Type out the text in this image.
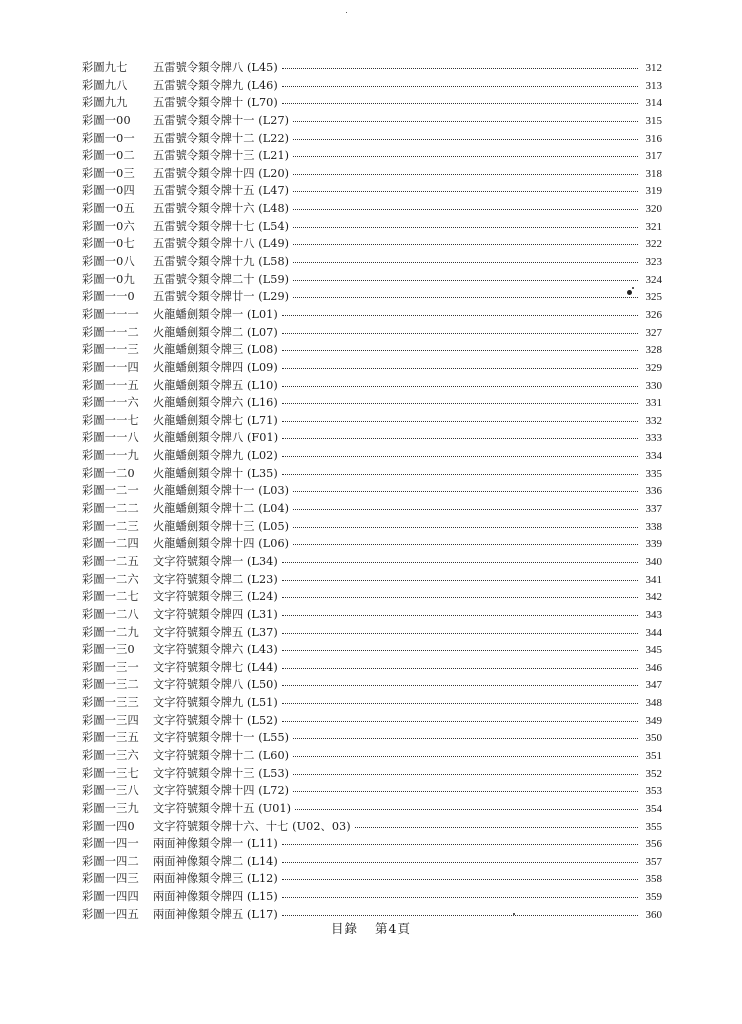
彩圖九七	五雷號令類令牌八 (L45)	312
彩圖九八	五雷號令類令牌九 (L46)	313
彩圖九九	五雷號令類令牌十 (L70)	314
彩圖一00	五雷號令類令牌十一 (L27)	315
彩圖一0一	五雷號令類令牌十二 (L22)	316
彩圖一0二	五雷號令類令牌十三 (L21)	317
彩圖一0三	五雷號令類令牌十四 (L20)	318
彩圖一0四	五雷號令類令牌十五 (L47)	319
彩圖一0五	五雷號令類令牌十六 (L48)	320
彩圖一0六	五雷號令類令牌十七 (L54)	321
彩圖一0七	五雷號令類令牌十八 (L49)	322
彩圖一0八	五雷號令類令牌十九 (L58)	323
彩圖一0九	五雷號令類令牌二十 (L59)	324
彩圖一一0	五雷號令類令牌廿一 (L29)	325
彩圖一一一	火龍蟠劍類令牌一 (L01)	326
彩圖一一二	火龍蟠劍類令牌二 (L07)	327
彩圖一一三	火龍蟠劍類令牌三 (L08)	328
彩圖一一四	火龍蟠劍類令牌四 (L09)	329
彩圖一一五	火龍蟠劍類令牌五 (L10)	330
彩圖一一六	火龍蟠劍類令牌六 (L16)	331
彩圖一一七	火龍蟠劍類令牌七 (L71)	332
彩圖一一八	火龍蟠劍類令牌八 (F01)	333
彩圖一一九	火龍蟠劍類令牌九 (L02)	334
彩圖一二0	火龍蟠劍類令牌十 (L35)	335
彩圖一二一	火龍蟠劍類令牌十一 (L03)	336
彩圖一二二	火龍蟠劍類令牌十二 (L04)	337
彩圖一二三	火龍蟠劍類令牌十三 (L05)	338
彩圖一二四	火龍蟠劍類令牌十四 (L06)	339
彩圖一二五	文字符號類令牌一 (L34)	340
彩圖一二六	文字符號類令牌二 (L23)	341
彩圖一二七	文字符號類令牌三 (L24)	342
彩圖一二八	文字符號類令牌四 (L31)	343
彩圖一二九	文字符號類令牌五 (L37)	344
彩圖一三0	文字符號類令牌六 (L43)	345
彩圖一三一	文字符號類令牌七 (L44)	346
彩圖一三二	文字符號類令牌八 (L50)	347
彩圖一三三	文字符號類令牌九 (L51)	348
彩圖一三四	文字符號類令牌十 (L52)	349
彩圖一三五	文字符號類令牌十一 (L55)	350
彩圖一三六	文字符號類令牌十二 (L60)	351
彩圖一三七	文字符號類令牌十三 (L53)	352
彩圖一三八	文字符號類令牌十四 (L72)	353
彩圖一三九	文字符號類令牌十五 (U01)	354
彩圖一四0	文字符號類令牌十六、十七 (U02、03)	355
彩圖一四一	兩面神像類令牌一 (L11)	356
彩圖一四二	兩面神像類令牌二 (L14)	357
彩圖一四三	兩面神像類令牌三 (L12)	358
彩圖一四四	兩面神像類令牌四 (L15)	359
彩圖一四五	兩面神像類令牌五 (L17)	360
目錄 第4頁
